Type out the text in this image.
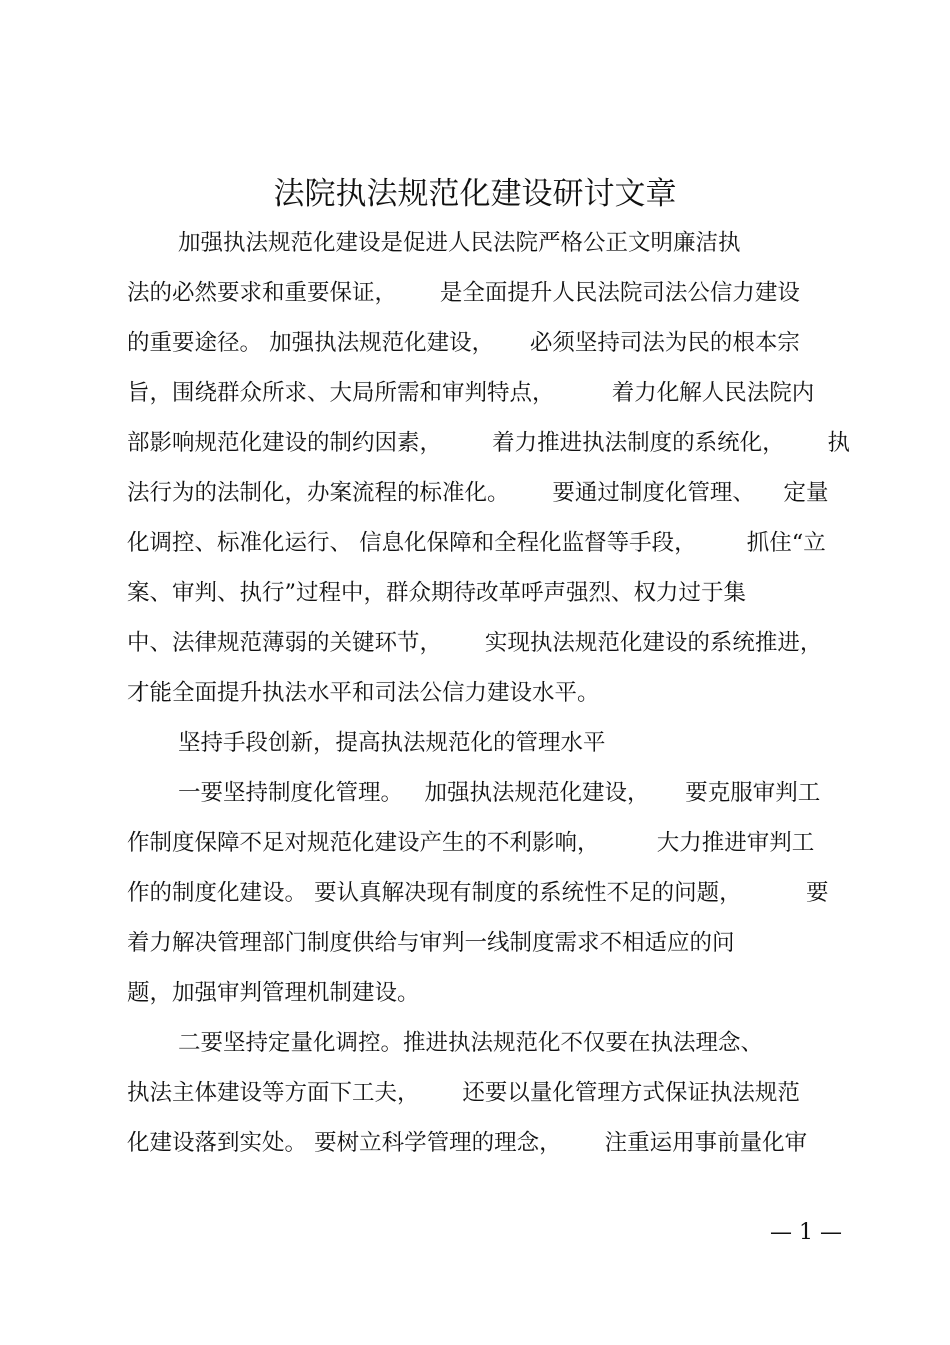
法院执法规范化建设研讨文章
加强执法规范化建设是促进人民法院严格公正文明廉洁执
法的必然要求和重要保证，      是全面提升人民法院司法公信力建设
的重要途径。 加强执法规范化建设，     必须坚持司法为民的根本宗
旨，围绕群众所求、大局所需和审判特点，        着力化解人民法院内
部影响规范化建设的制约因素，       着力推进执法制度的系统化，      执
法行为的法制化，办案流程的标准化。      要通过制度化管理、    定量
化调控、标准化运行、 信息化保障和全程化监督等手段，       抓住“立
案、审判、执行”过程中，群众期待改革呼声强烈、权力过于集
中、法律规范薄弱的关键环节，      实现执法规范化建设的系统推进，
才能全面提升执法水平和司法公信力建设水平。
坚持手段创新，提高执法规范化的管理水平
一要坚持制度化管理。   加强执法规范化建设，     要克服审判工
作制度保障不足对规范化建设产生的不利影响，        大力推进审判工
作的制度化建设。 要认真解决现有制度的系统性不足的问题，         要
着力解决管理部门制度供给与审判一线制度需求不相适应的问
题，加强审判管理机制建设。
二要坚持定量化调控。推进执法规范化不仅要在执法理念、
执法主体建设等方面下工夫，      还要以量化管理方式保证执法规范
化建设落到实处。 要树立科学管理的理念，      注重运用事前量化审
— 1 —
